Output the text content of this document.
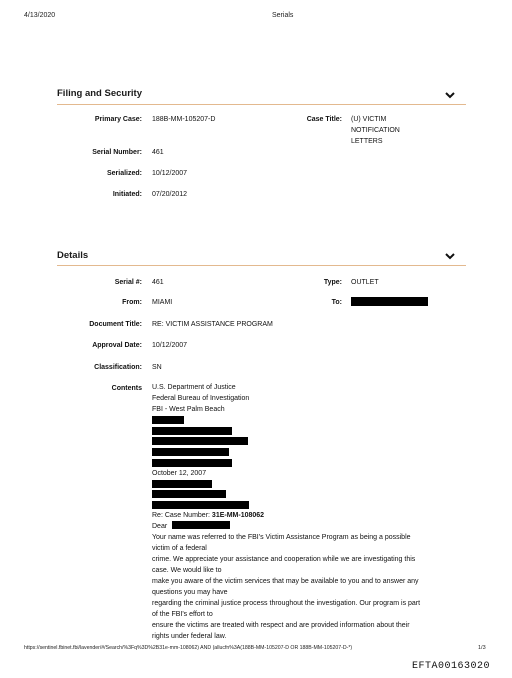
4/13/2020	Serials
Filing and Security
Primary Case: 188B-MM-105207-D	Case Title: (U) VICTIM
NOTIFICATION
LETTERS
Serial Number: 461
Serialized: 10/12/2007
Initiated: 07/20/2012
Details
Serial #: 461	Type: OUTLET
From: MIAMI	To:
Document Title: RE: VICTIM ASSISTANCE PROGRAM
Approval Date: 10/12/2007
Classification: SN
Contents U.S. Department of Justice
Federal Bureau of Investigation
FBI - West Palm Beach
October 12, 2007
Re: Case Number: 31E-MM-108062
Dear
Your name was referred to the FBI's Victim Assistance Program as being a possible
victim of a federal
crime. We appreciate your assistance and cooperation while we are investigating this
case. We would like to
make you aware of the victim services that may be available to you and to answer any
questions you may have
regarding the criminal justice process throughout the investigation. Our program is part
of the FBI's effort to
ensure the victims are treated with respect and are provided information about their
rights under federal law.
https://sentinel.fbinet.fbi/lavender/#/Search/%3Fq%3D%2B31e-mm-108062) AND (allucfn%3A(188B-MM-105207-D OR 188B-MM-105207-D-*)	1/3
EFTA00163020
